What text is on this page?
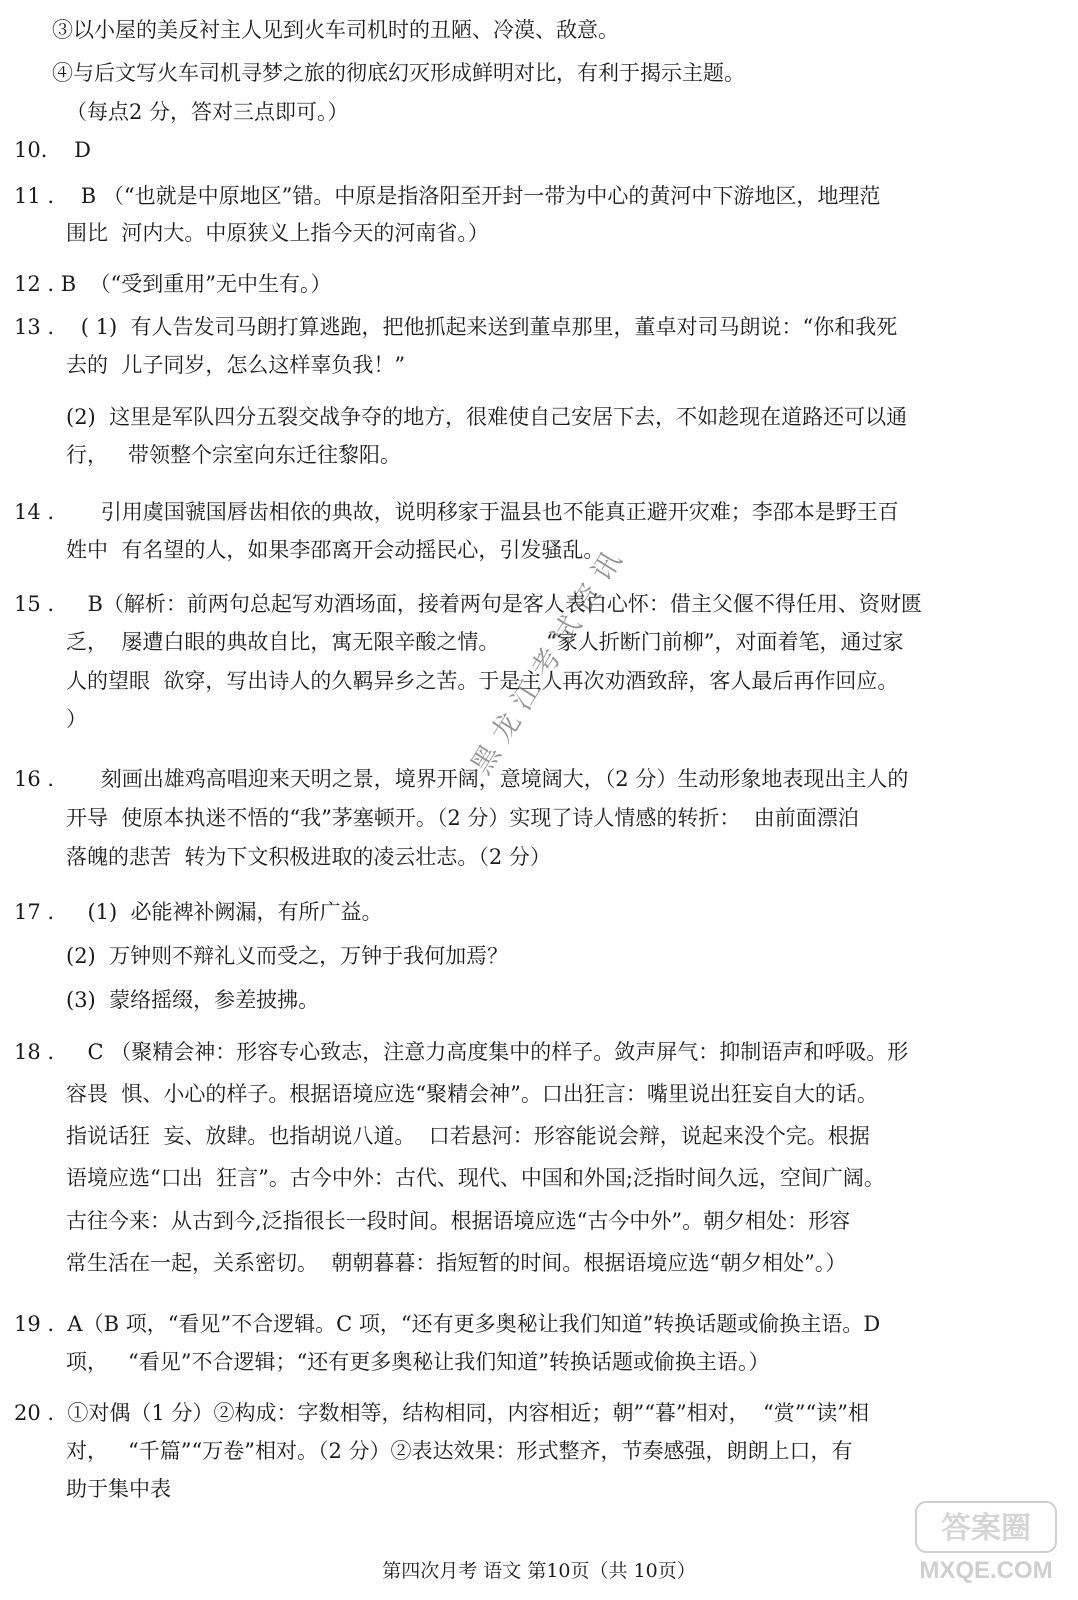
③以小屋的美反衬主人见到火车司机时的丑陋、冷漠、敌意。
④与后文写火车司机寻梦之旅的彻底幻灭形成鲜明对比，有利于揭示主题。
（每点2 分，答对三点即可。）
10.    D
11 .    B （“也就是中原地区”错。中原是指洛阳至开封一带为中心的黄河中下游地区，地理范
围比  河内大。中原狭义上指今天的河南省。）
12 . B  （“受到重用”无中生有。）
13 .    ( 1)  有人告发司马朗打算逃跑，把他抓起来送到董卓那里，董卓对司马朗说：“你和我死
去的  儿子同岁，怎么这样辜负我！”
(2)  这里是军队四分五裂交战争夺的地方，很难使自己安居下去，不如趁现在道路还可以通
行，   带领整个宗室向东迁往黎阳。
14 .       引用虞国虢国唇齿相依的典故，说明移家于温县也不能真正避开灾难；李邵本是野王百
姓中  有名望的人，如果李邵离开会动摇民心，引发骚乱。
15 .     B（解析：前两句总起写劝酒场面，接着两句是客人表白心怀：借主父偃不得任用、资财匮
乏，  屡遭白眼的典故自比，寓无限辛酸之情。       “家人折断门前柳”，对面着笔，通过家
人的望眼  欲穿，写出诗人的久羁异乡之苦。于是主人再次劝酒致辞，客人最后再作回应。
）
16 .       刻画出雄鸡高唱迎来天明之景，境界开阔，意境阔大，（2 分）生动形象地表现出主人的
开导  使原本执迷不悟的“我”茅塞顿开。（2 分）实现了诗人情感的转折：  由前面漂泊
落魄的悲苦  转为下文积极进取的凌云壮志。（2 分）
17 .     (1)  必能裨补阙漏，有所广益。
(2)  万钟则不辩礼义而受之，万钟于我何加焉？
(3)  蒙络摇缀，参差披拂。
18 .     C （聚精会神：形容专心致志，注意力高度集中的样子。敛声屏气：抑制语声和呼吸。形
容畏  惧、小心的样子。根据语境应选“聚精会神”。口出狂言：嘴里说出狂妄自大的话。
指说话狂  妄、放肆。也指胡说八道。  口若悬河：形容能说会辩，说起来没个完。根据
语境应选“口出  狂言”。古今中外：古代、现代、中国和外国;泛指时间久远，空间广阔。
古往今来：从古到今,泛指很长一段时间。根据语境应选“古今中外”。朝夕相处：形容
常生活在一起，关系密切。  朝朝暮暮：指短暂的时间。根据语境应选“朝夕相处”。）
19 .  A（B 项，“看见”不合逻辑。C 项，“还有更多奥秘让我们知道”转换话题或偷换主语。D
项，   “看见”不合逻辑；“还有更多奥秘让我们知道”转换话题或偷换主语。）
20 .  ①对偶（1 分）②构成：字数相等，结构相同，内容相近；朝”“暮”相对，  “赏”“读”相
对，   “千篇”“万卷”相对。（2 分）②表达效果：形式整齐，节奏感强，朗朗上口，有
助于集中表
黑龙江考试资讯
第四次月考 语文 第10页（共 10页）
答案圈
MXQE.COM
